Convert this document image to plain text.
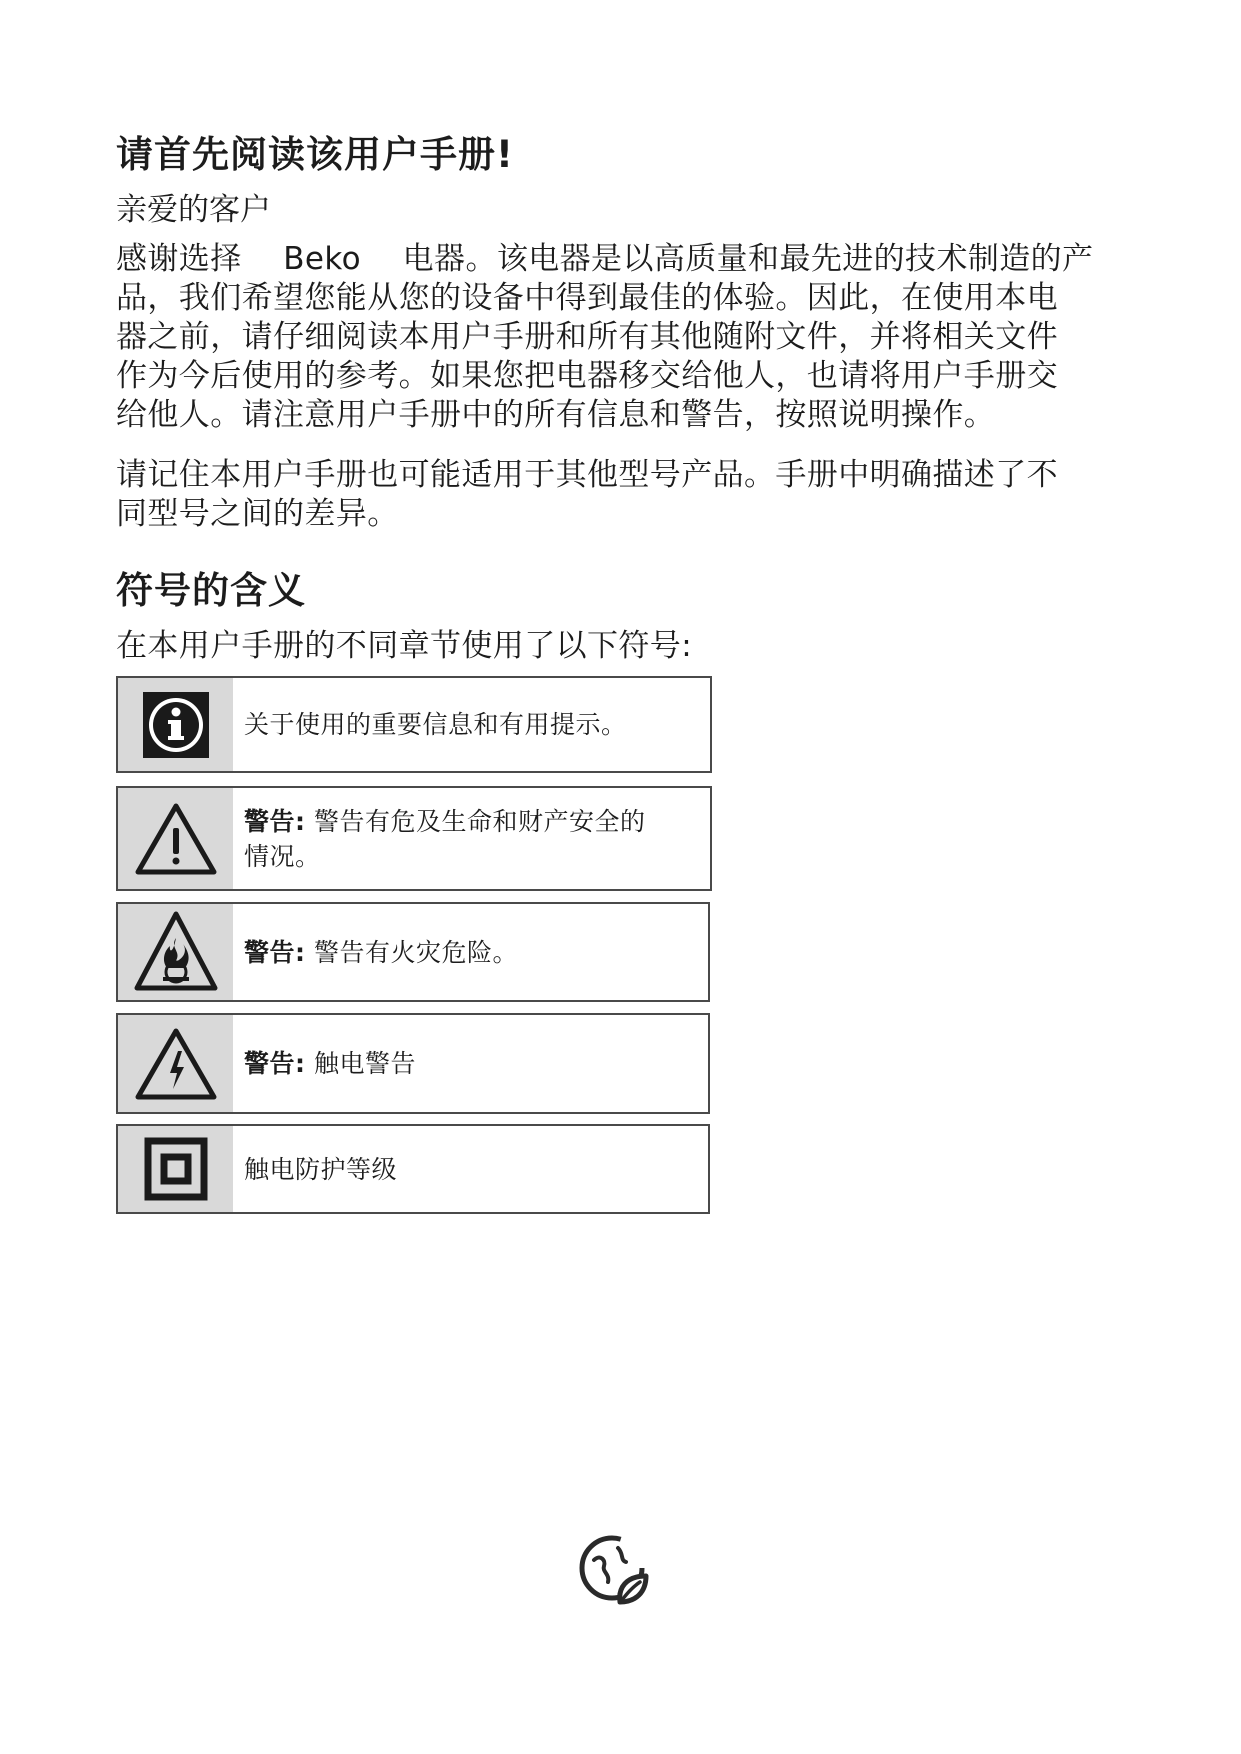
请首先阅读该用户手册!
亲爱的客户
感谢选择　 Beko 　电器。该电器是以高质量和最先进的技术制造的产
品，我们希望您能从您的设备中得到最佳的体验。因此，在使用本电
器之前，请仔细阅读本用户手册和所有其他随附文件，并将相关文件
作为今后使用的参考。如果您把电器移交给他人，也请将用户手册交
给他人。请注意用户手册中的所有信息和警告，按照说明操作。
请记住本用户手册也可能适用于其他型号产品。手册中明确描述了不
同型号之间的差异。
符号的含义
在本用户手册的不同章节使用了以下符号:
关于使用的重要信息和有用提示。
警告: 警告有危及生命和财产安全的
情况。
警告: 警告有火灾危险。
警告: 触电警告
触电防护等级
